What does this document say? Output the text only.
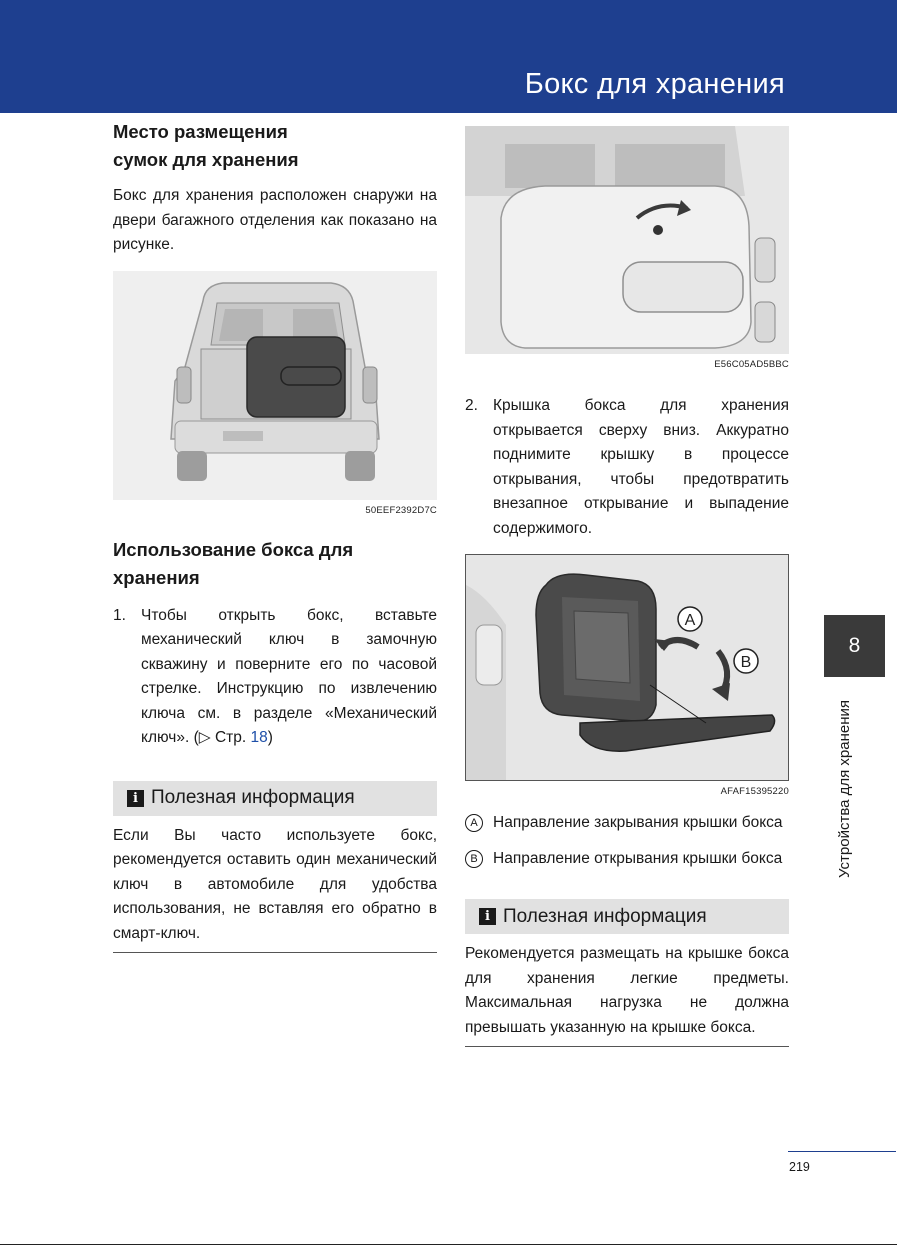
Бокс для хранения
Место размещения
сумок для хранения

Бокс для хранения расположен снаружи на двери багажного отделения как показано на рисунке.

50EEF2392D7C
Использование бокса для
хранения
1. Чтобы открыть бокс, вставьте механический ключ в замочную скважину и поверните его по часовой стрелке. Инструкцию по извлечению ключа см. в разделе «Механический ключ». (▷ Стр. 18)
i Полезная информация

Если Вы часто используете бокс, рекомендуется оставить один механический ключ в автомобиле для удобства использования, не вставляя его обратно в смарт-ключ.

E56C05AD5BBC
2. Крышка бокса для хранения открывается сверху вниз. Аккуратно поднимите крышку в процессе открывания, чтобы предотвратить внезапное открывание и выпадение содержимого.
A
B
AFAF15395220
A Направление закрывания крышки бокса
B Направление открывания крышки бокса
i Полезная информация

Рекомендуется размещать на крышке бокса для хранения легкие предметы. Максимальная нагрузка не должна превышать указанную на крышке бокса.

8
Устройства для хранения
219
